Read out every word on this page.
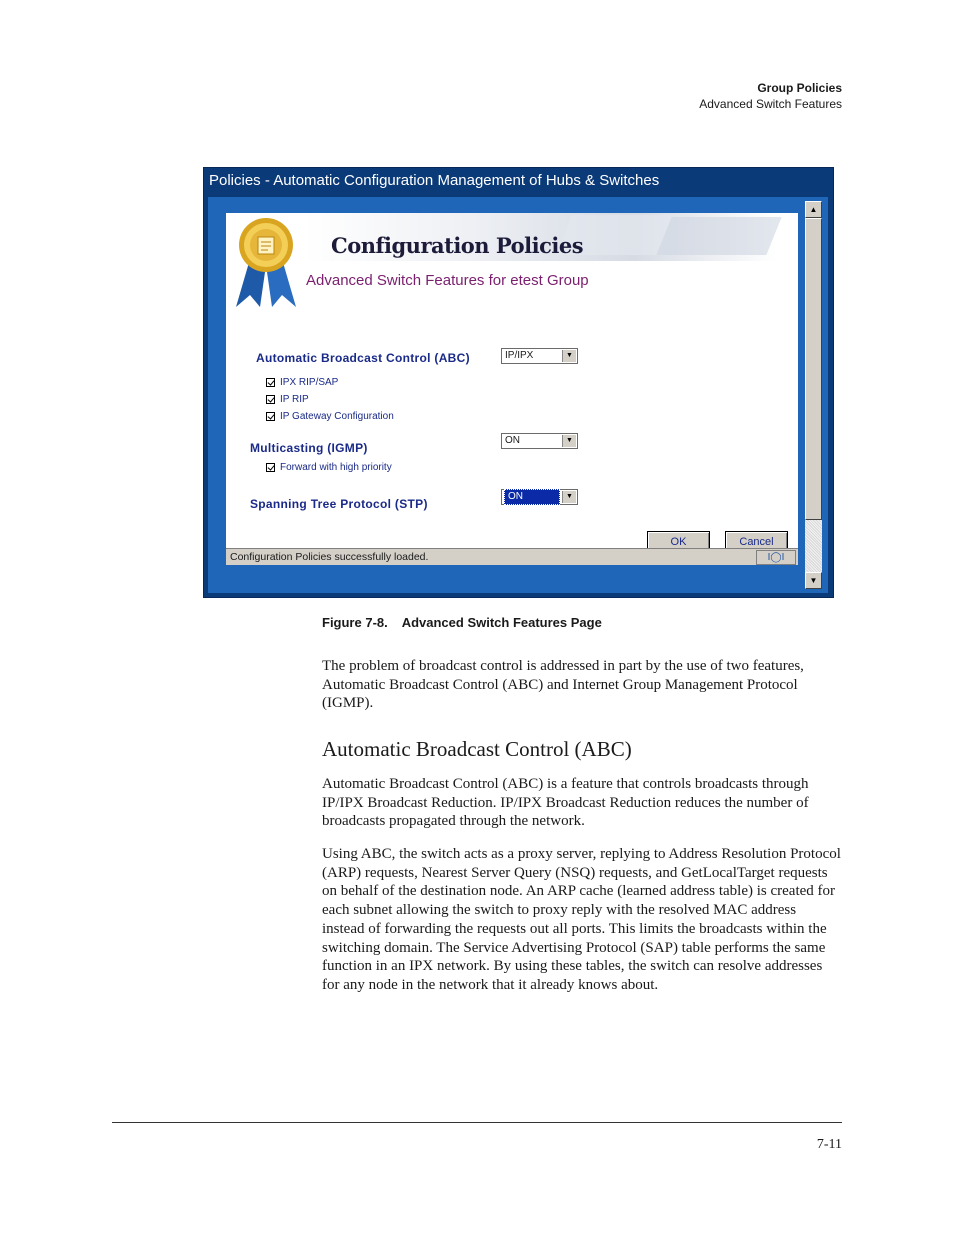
Group Policies
Advanced Switch Features
Policies - Automatic Configuration Management of Hubs & Switches
Configuration Policies
Advanced Switch Features for etest Group
Automatic Broadcast Control (ABC)	IP/IPX	▼
IPX RIP/SAP
IP RIP
IP Gateway Configuration
Multicasting (IGMP)
ON	▼
Forward with high priority
Spanning Tree Protocol (STP)
ON	▼
OK	Cancel
Configuration Policies successfully loaded.	‖◯‖
▲
▼
Figure 7-8.    Advanced Switch Features Page

The problem of broadcast control is addressed in part by the use of two features, Automatic Broadcast Control (ABC) and Internet Group Management Protocol (IGMP).

Automatic Broadcast Control (ABC)

Automatic Broadcast Control (ABC) is a feature that controls broadcasts through IP/IPX Broadcast Reduction. IP/IPX Broadcast Reduction reduces the number of broadcasts propagated through the network.

Using ABC, the switch acts as a proxy server, replying to Address Resolution Protocol (ARP) requests, Nearest Server Query (NSQ) requests, and GetLocalTarget requests on behalf of the destination node. An ARP cache (learned address table) is created for each subnet allowing the switch to proxy reply with the resolved MAC address instead of forwarding the requests out all ports. This limits the broadcasts within the switching domain. The Service Advertising Protocol (SAP) table performs the same function in an IPX network. By using these tables, the switch can resolve addresses for any node in the network that it already knows about.

7-11
